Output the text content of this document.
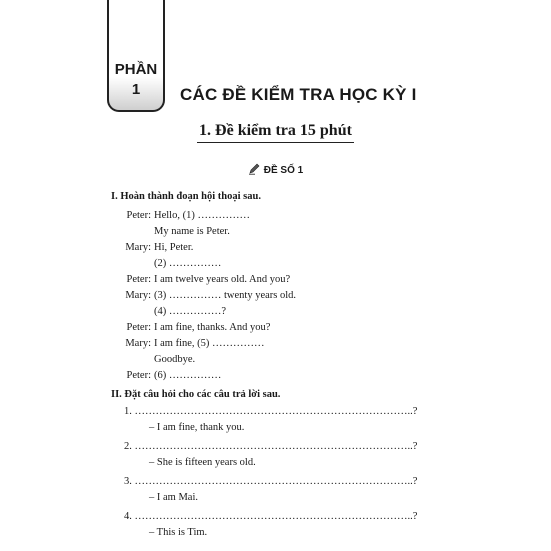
PHẦN
1	CÁC ĐỀ KIỂM TRA HỌC KỲ I
1. Đề kiểm tra 15 phút
ĐỀ SỐ 1
I. Hoàn thành đoạn hội thoại sau.
Peter: Hello, (1) ……………
My name is Peter.
Mary: Hi, Peter.
(2) ……………
Peter: I am twelve years old. And you?
Mary: (3) …………… twenty years old.
(4) ……………?
Peter: I am fine, thanks. And you?
Mary: I am fine, (5) ……………
Goodbye.
Peter: (6) ……………
II. Đặt câu hỏi cho các câu trả lời sau.
1. ……………………………………………………………………..?
– I am fine, thank you.
2. ……………………………………………………………………..?
– She is fifteen years old.
3. ……………………………………………………………………..?
– I am Mai.
4. ……………………………………………………………………..?
– This is Tim.
